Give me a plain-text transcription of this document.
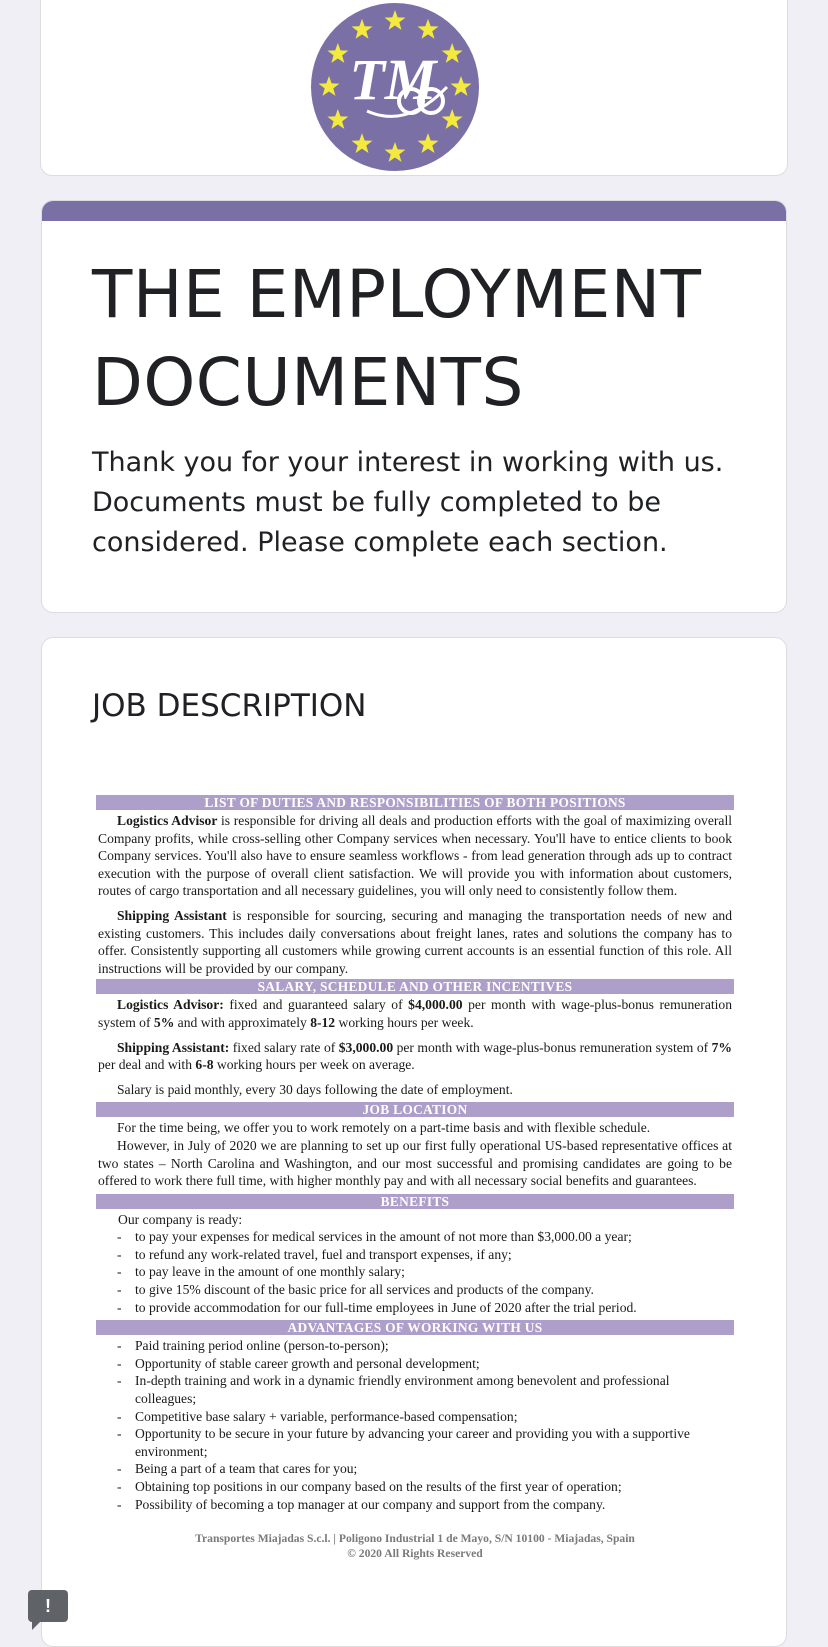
TM
THE EMPLOYMENT DOCUMENTS

Thank you for your interest in working with us. Documents must be fully completed to be considered. Please complete each section.

JOB DESCRIPTION
LIST OF DUTIES AND RESPONSIBILITIES OF BOTH POSITIONS
Logistics Advisor is responsible for driving all deals and production efforts with the goal of maximizing overall Company profits, while cross-selling other Company services when necessary. You'll have to entice clients to book Company services. You'll also have to ensure seamless workflows - from lead generation through ads up to contract execution with the purpose of overall client satisfaction. We will provide you with information about customers, routes of cargo transportation and all necessary guidelines, you will only need to consistently follow them.
Shipping Assistant is responsible for sourcing, securing and managing the transportation needs of new and existing customers. This includes daily conversations about freight lanes, rates and solutions the company has to offer. Consistently supporting all customers while growing current accounts is an essential function of this role. All instructions will be provided by our company.
SALARY, SCHEDULE AND OTHER INCENTIVES
Logistics Advisor: fixed and guaranteed salary of $4,000.00 per month with wage-plus-bonus remuneration system of 5% and with approximately 8-12 working hours per week.
Shipping Assistant: fixed salary rate of $3,000.00 per month with wage-plus-bonus remuneration system of 7% per deal and with 6-8 working hours per week on average.
Salary is paid monthly, every 30 days following the date of employment.
JOB LOCATION
For the time being, we offer you to work remotely on a part-time basis and with flexible schedule.
However, in July of 2020 we are planning to set up our first fully operational US-based representative offices at two states – North Carolina and Washington, and our most successful and promising candidates are going to be offered to work there full time, with higher monthly pay and with all necessary social benefits and guarantees.
BENEFITS
Our company is ready:
- to pay your expenses for medical services in the amount of not more than $3,000.00 a year;
- to refund any work-related travel, fuel and transport expenses, if any;
- to pay leave in the amount of one monthly salary;
- to give 15% discount of the basic price for all services and products of the company.
- to provide accommodation for our full-time employees in June of 2020 after the trial period.
ADVANTAGES OF WORKING WITH US
- Paid training period online (person-to-person);
- Opportunity of stable career growth and personal development;
- In-depth training and work in a dynamic friendly environment among benevolent and professional colleagues;
- Competitive base salary + variable, performance-based compensation;
- Opportunity to be secure in your future by advancing your career and providing you with a supportive environment;
- Being a part of a team that cares for you;
- Obtaining top positions in our company based on the results of the first year of operation;
- Possibility of becoming a top manager at our company and support from the company.
Transportes Miajadas S.c.l. | Poligono Industrial 1 de Mayo, S/N 10100 - Miajadas, Spain
© 2020 All Rights Reserved
!
